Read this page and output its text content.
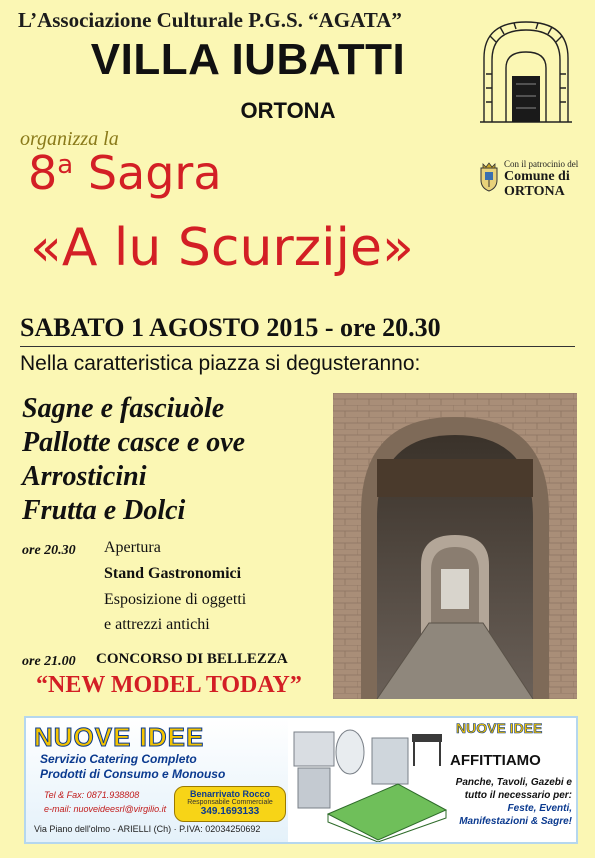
L’Associazione Culturale P.G.S. “AGATA”
VILLA IUBATTI
ORTONA
organizza la
8$^a$ Sagra
«A lu Scurzije»
Con il patrocinio del
Comune di
ORTONA
SABATO 1 AGOSTO 2015 - ore 20.30
Nella caratteristica piazza si degusteranno:
Sagne e fasciuòle
Pallotte casce e ove
Arrosticini
Frutta e Dolci
ore 20.30 Apertura
Stand Gastronomici
Esposizione di oggetti
e attrezzi antichi
ore 21.00 CONCORSO DI BELLEZZA
“NEW MODEL TODAY”
NUOVE IDEE
Servizio Catering Completo
Prodotti di Consumo e Monouso
Tel & Fax: 0871.938808
e-mail: nuoveideesrl@virgilio.it
Benarrivato Rocco
Responsabile Commerciale
349.1693133
Via Piano dell'olmo - ARIELLI (Ch) · P.IVA: 02034250692
NUOVE IDEE
AFFITTIAMO
Panche, Tavoli, Gazebi e
tutto il necessario per:
Feste, Eventi,
Manifestazioni & Sagre!
